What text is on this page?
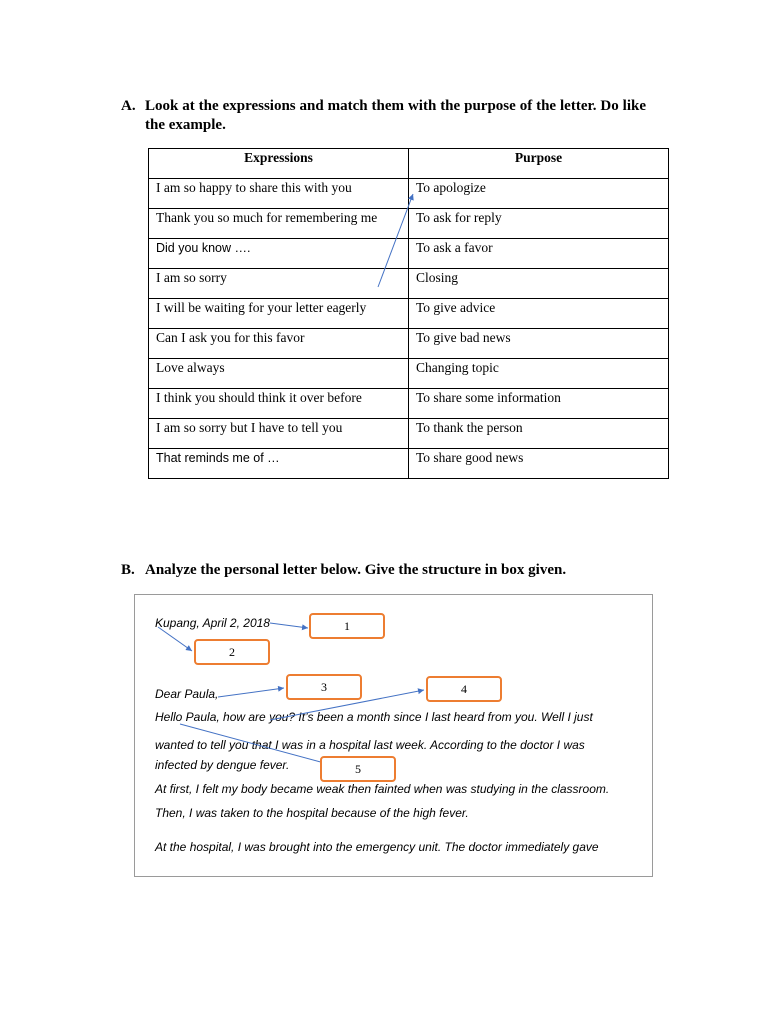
A. Look at the expressions and match them with the purpose of the letter. Do like the example.
Expressions	Purpose
I am so happy to share this with you	To apologize
Thank you so much for remembering me	To ask for reply
Did you know ….	To ask a favor
I am so sorry	Closing
I will be waiting for your letter eagerly	To give advice
Can I ask you for this favor	To give bad news
Love always	Changing topic
I think you should think it over before	To share some information
I am so sorry but I have to tell you	To thank the person
That reminds me of …	To share good news
B. Analyze the personal letter below. Give the structure in box given.
Kupang, April 2, 2018
Dear Paula,
Hello Paula, how are you? It’s been a month since I last heard from you. Well I just
wanted to tell you that I was in a hospital last week. According to the doctor I was
infected by dengue fever.
At first, I felt my body became weak then fainted when was studying in the classroom.
Then, I was taken to the hospital because of the high fever.
At the hospital, I was brought into the emergency unit. The doctor immediately gave
1
2
3	4
5
